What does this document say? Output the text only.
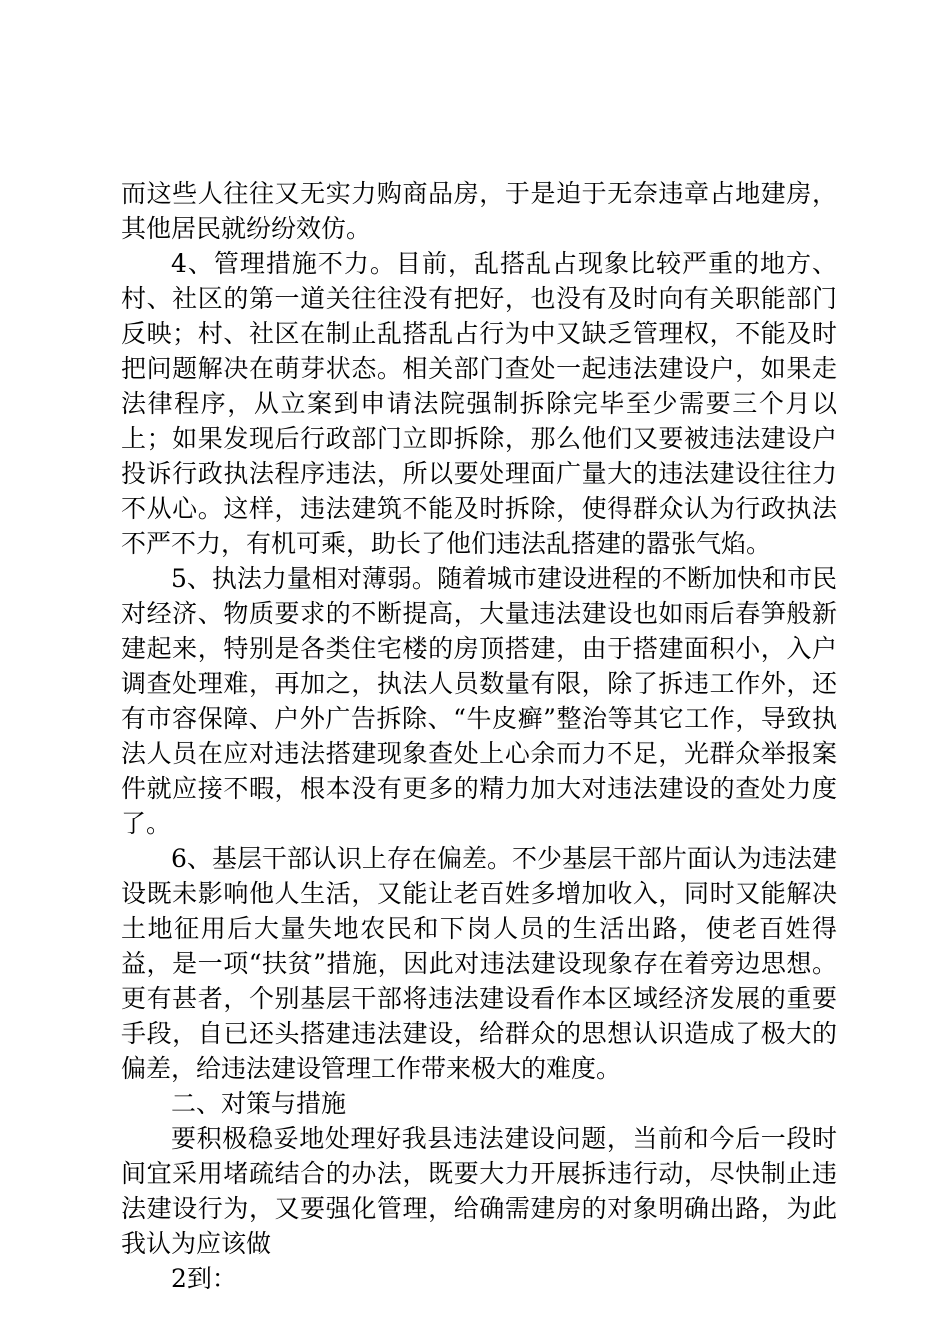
而这些人往往又无实力购商品房，于是迫于无奈违章占地建房，其他居民就纷纷效仿。

4、管理措施不力。目前，乱搭乱占现象比较严重的地方、村、社区的第一道关往往没有把好，也没有及时向有关职能部门反映；村、社区在制止乱搭乱占行为中又缺乏管理权，不能及时把问题解决在萌芽状态。相关部门查处一起违法建设户，如果走法律程序，从立案到申请法院强制拆除完毕至少需要三个月以上；如果发现后行政部门立即拆除，那么他们又要被违法建设户投诉行政执法程序违法，所以要处理面广量大的违法建设往往力不从心。这样，违法建筑不能及时拆除，使得群众认为行政执法不严不力，有机可乘，助长了他们违法乱搭建的嚣张气焰。

5、执法力量相对薄弱。随着城市建设进程的不断加快和市民对经济、物质要求的不断提高，大量违法建设也如雨后春笋般新建起来，特别是各类住宅楼的房顶搭建，由于搭建面积小，入户调查处理难，再加之，执法人员数量有限，除了拆违工作外，还有市容保障、户外广告拆除、“牛皮癣”整治等其它工作，导致执法人员在应对违法搭建现象查处上心余而力不足，光群众举报案件就应接不暇，根本没有更多的精力加大对违法建设的查处力度了。

6、基层干部认识上存在偏差。不少基层干部片面认为违法建设既未影响他人生活，又能让老百姓多增加收入，同时又能解决土地征用后大量失地农民和下岗人员的生活出路，使老百姓得益，是一项“扶贫”措施，因此对违法建设现象存在着旁边思想。更有甚者，个别基层干部将违法建设看作本区域经济发展的重要手段，自已还头搭建违法建设，给群众的思想认识造成了极大的偏差，给违法建设管理工作带来极大的难度。

二、对策与措施

要积极稳妥地处理好我县违法建设问题，当前和今后一段时间宜采用堵疏结合的办法，既要大力开展拆违行动，尽快制止违法建设行为，又要强化管理，给确需建房的对象明确出路，为此我认为应该做

2到：
